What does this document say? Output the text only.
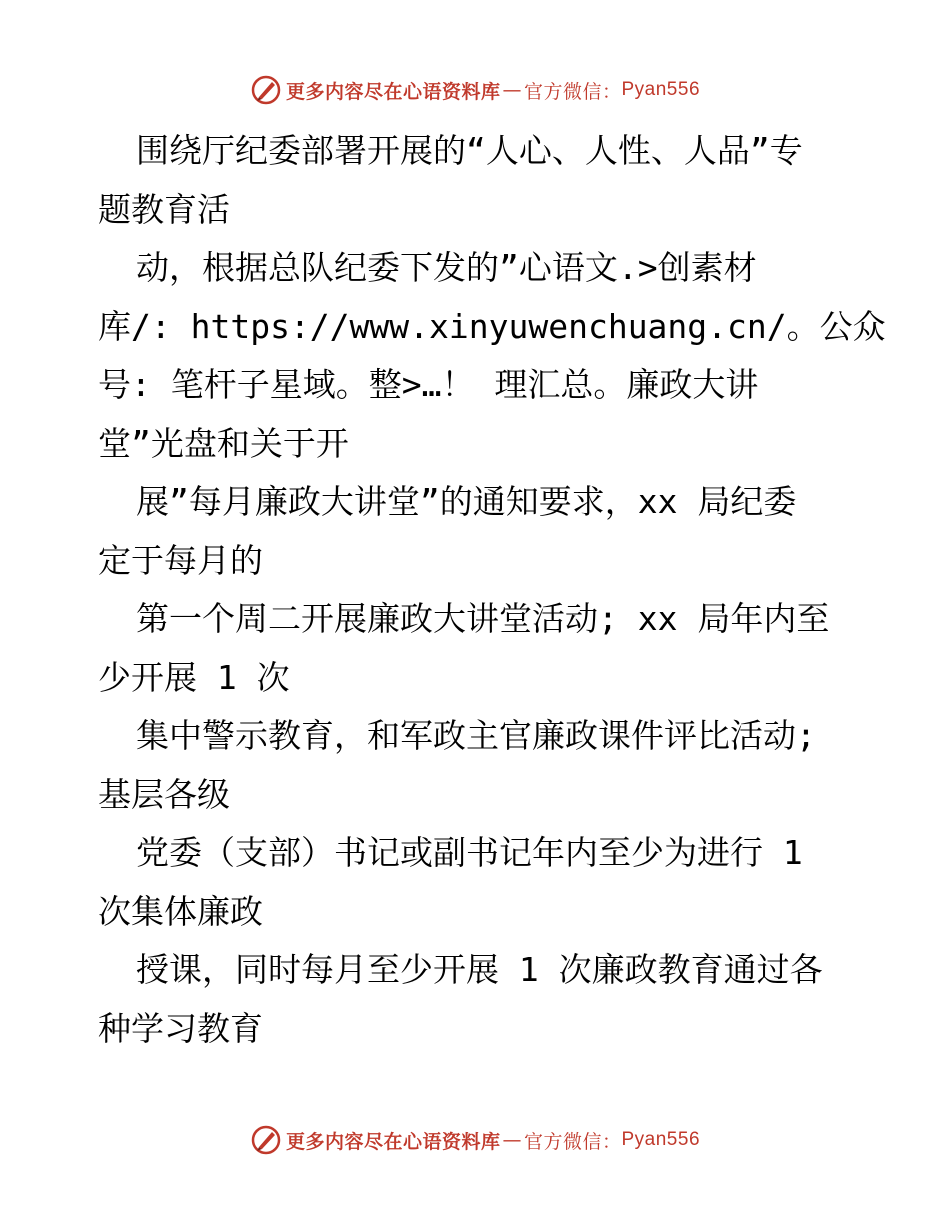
更多内容尽在心语资料库 — 官方微信： Pyan556
围绕厅纪委部署开展的“人心、人性、人品”专
题教育活
动，根据总队纪委下发的”心语文.>创素材
库/: https://www.xinyuwenchuang.cn/。公众
号: 笔杆子星域。整>…！ 理汇总。廉政大讲
堂”光盘和关于开
展”每月廉政大讲堂”的通知要求，xx 局纪委
定于每月的
第一个周二开展廉政大讲堂活动; xx 局年内至
少开展 1 次
集中警示教育，和军政主官廉政课件评比活动;
基层各级
党委（支部）书记或副书记年内至少为进行 1
次集体廉政
授课，同时每月至少开展 1 次廉政教育通过各
种学习教育
更多内容尽在心语资料库 — 官方微信： Pyan556
